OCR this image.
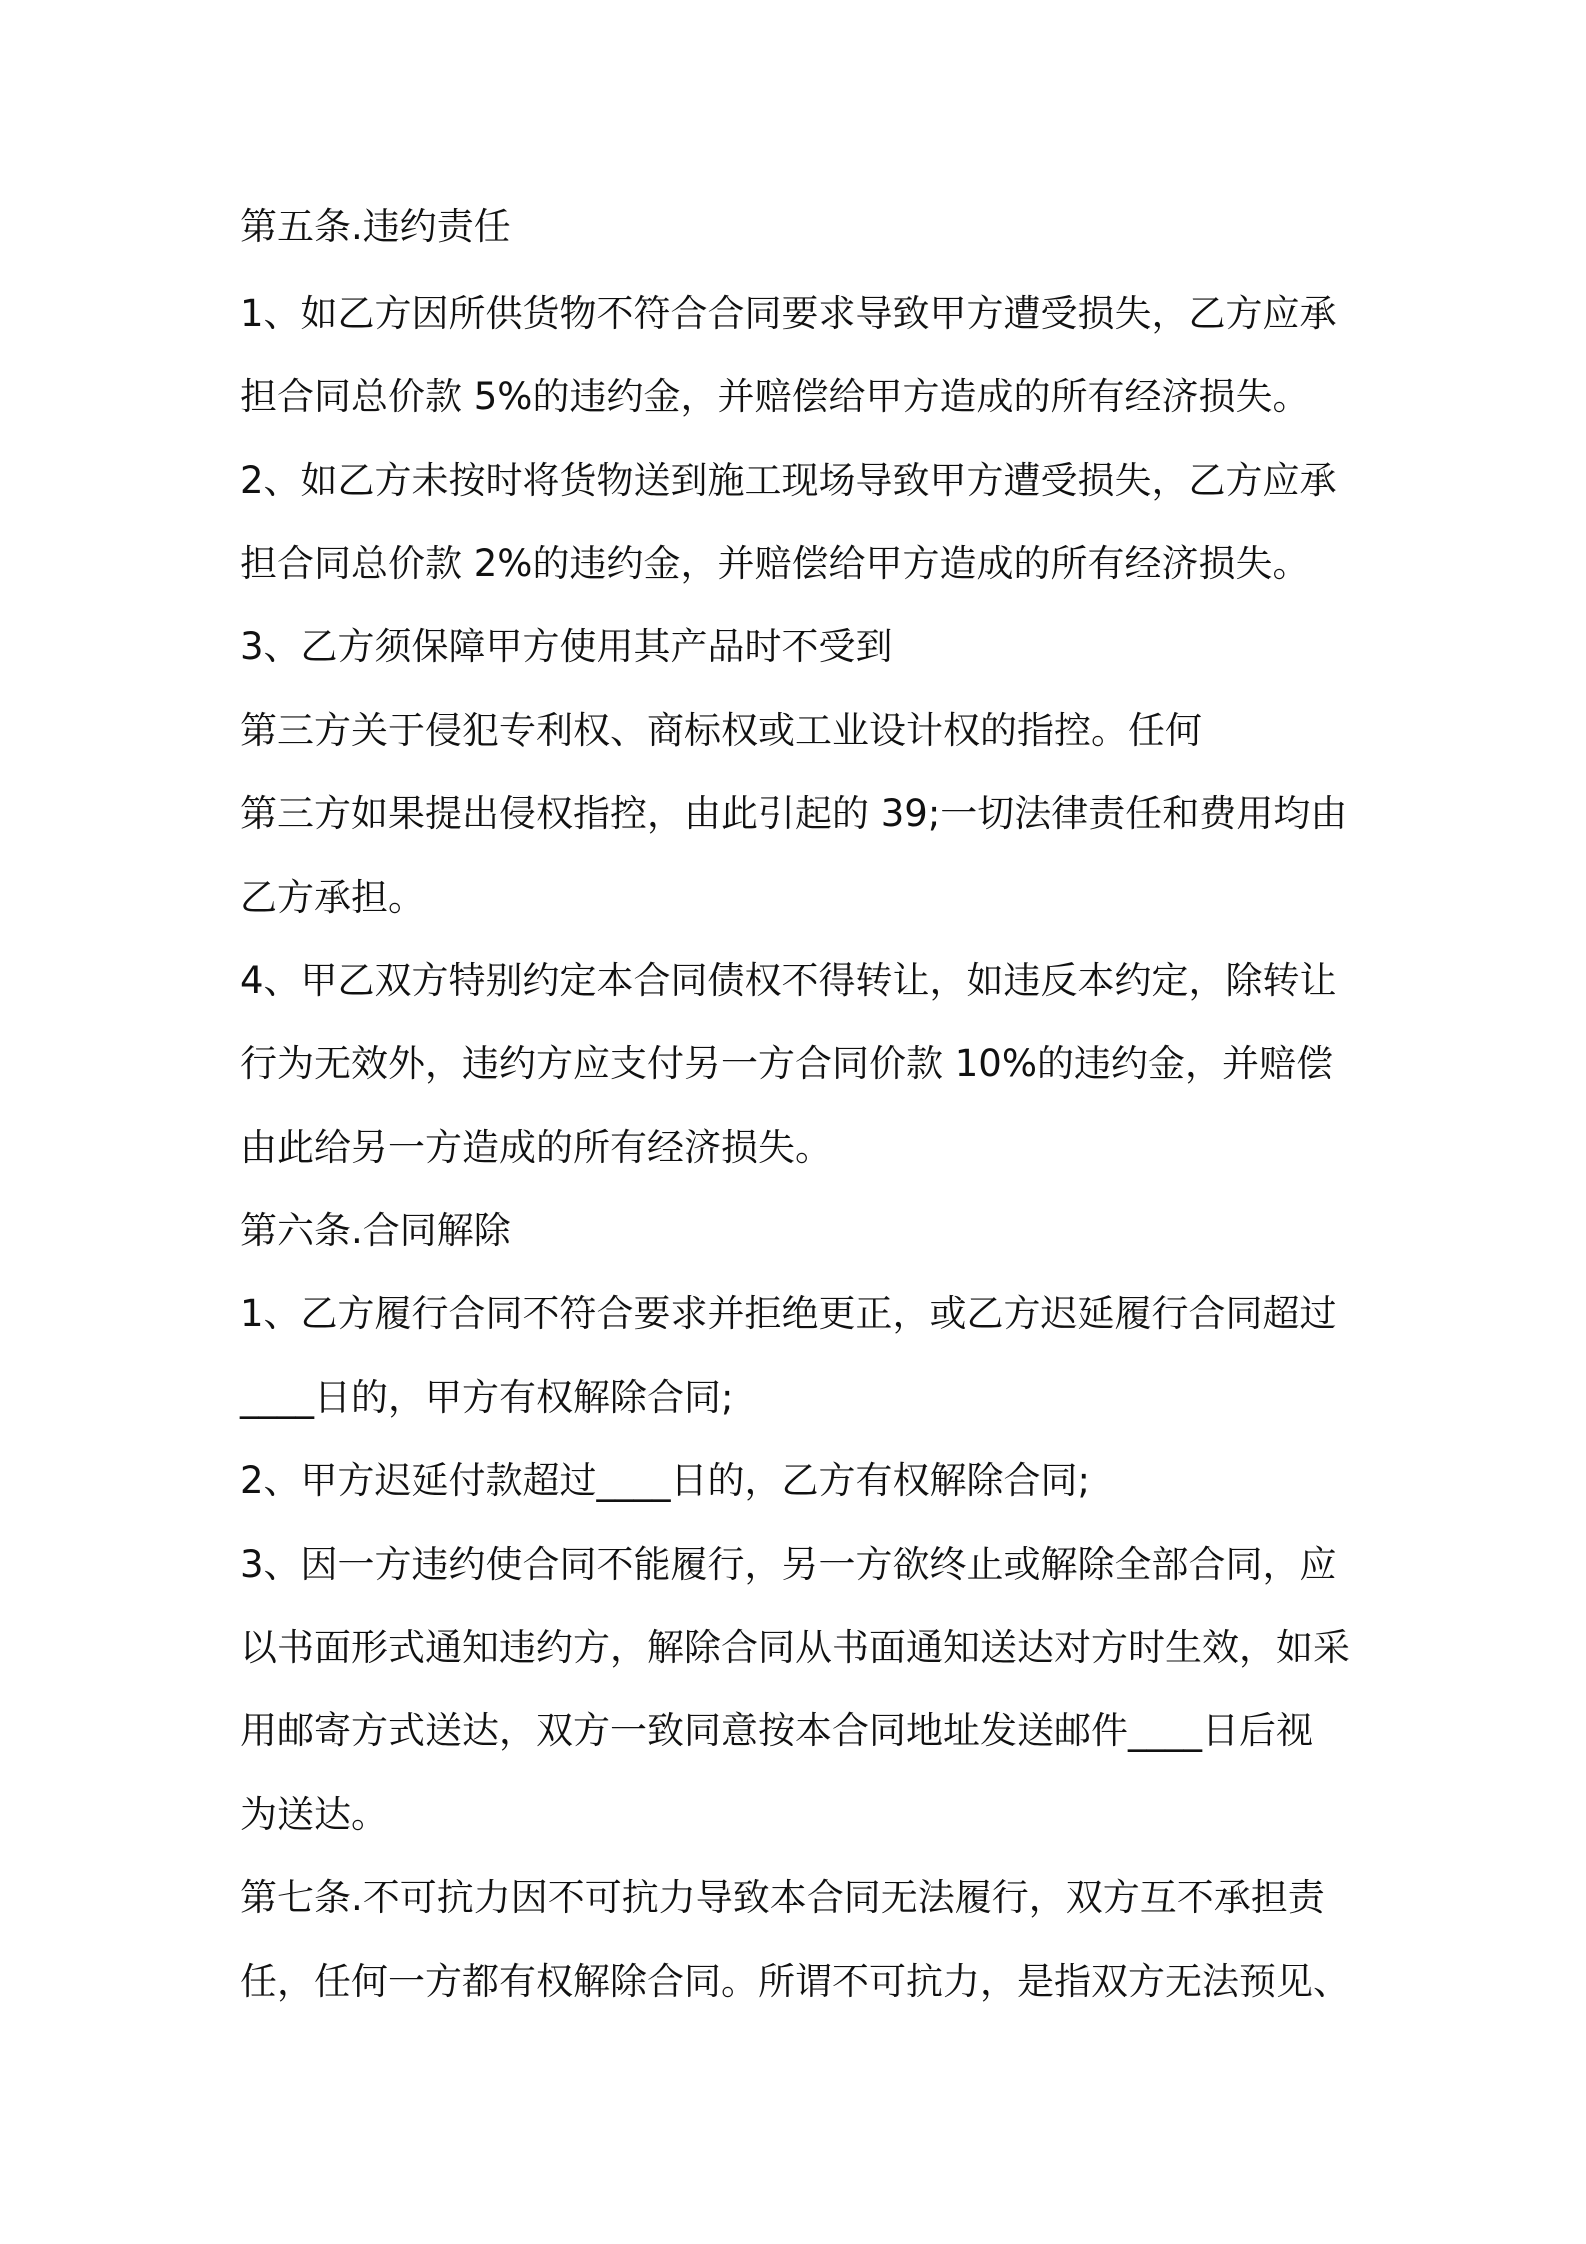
第五条.违约责任

1、如乙方因所供货物不符合合同要求导致甲方遭受损失，乙方应承

担合同总价款 5%的违约金，并赔偿给甲方造成的所有经济损失。

2、如乙方未按时将货物送到施工现场导致甲方遭受损失，乙方应承

担合同总价款 2%的违约金，并赔偿给甲方造成的所有经济损失。

3、乙方须保障甲方使用其产品时不受到

第三方关于侵犯专利权、商标权或工业设计权的指控。任何

第三方如果提出侵权指控，由此引起的 39;一切法律责任和费用均由

乙方承担。

4、甲乙双方特别约定本合同债权不得转让，如违反本约定，除转让

行为无效外，违约方应支付另一方合同价款 10%的违约金，并赔偿

由此给另一方造成的所有经济损失。

第六条.合同解除

1、乙方履行合同不符合要求并拒绝更正，或乙方迟延履行合同超过

____日的，甲方有权解除合同;

2、甲方迟延付款超过____日的，乙方有权解除合同;

3、因一方违约使合同不能履行，另一方欲终止或解除全部合同，应

以书面形式通知违约方，解除合同从书面通知送达对方时生效，如采

用邮寄方式送达，双方一致同意按本合同地址发送邮件____日后视

为送达。

第七条.不可抗力因不可抗力导致本合同无法履行，双方互不承担责

任，任何一方都有权解除合同。所谓不可抗力，是指双方无法预见、
